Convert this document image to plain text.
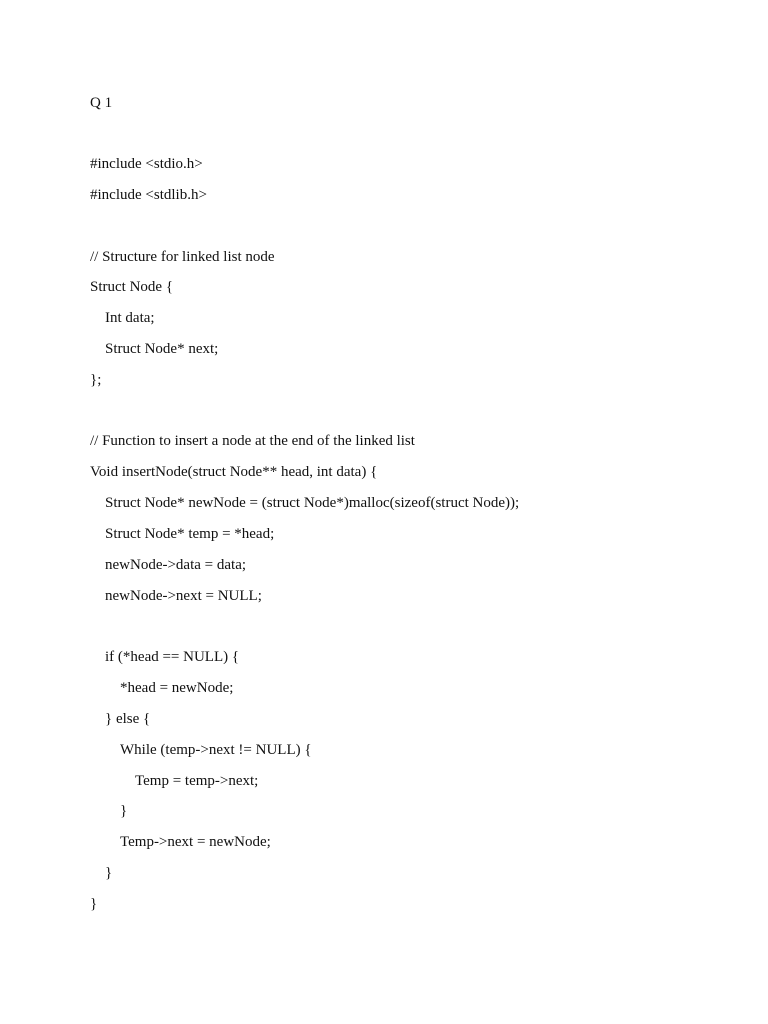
Q 1
#include <stdio.h>
#include <stdlib.h>
// Structure for linked list node
Struct Node {
Int data;
Struct Node* next;
};
// Function to insert a node at the end of the linked list
Void insertNode(struct Node** head, int data) {
Struct Node* newNode = (struct Node*)malloc(sizeof(struct Node));
Struct Node* temp = *head;
newNode->data = data;
newNode->next = NULL;
if (*head == NULL) {
*head = newNode;
} else {
While (temp->next != NULL) {
Temp = temp->next;
}
Temp->next = newNode;
}
}
